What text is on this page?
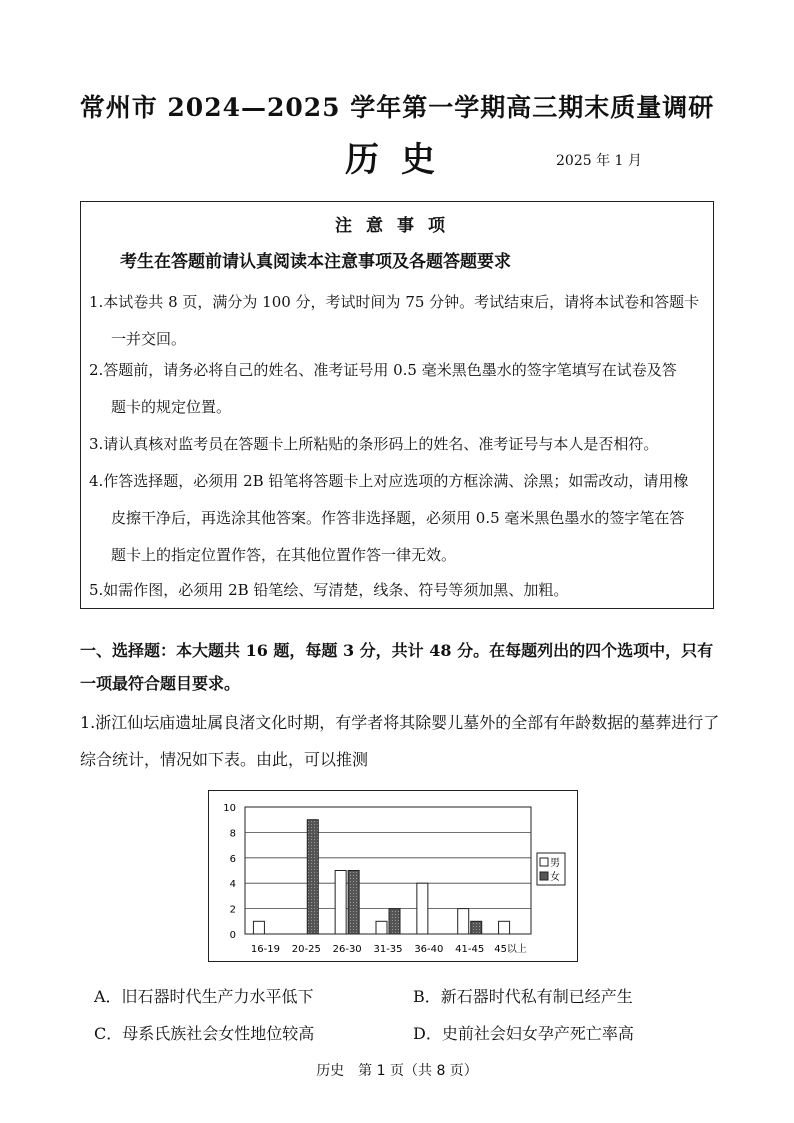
常州市 2024—2025 学年第一学期高三期末质量调研
历史	2025 年 1 月
注意事项
考生在答题前请认真阅读本注意事项及各题答题要求
1.本试卷共 8 页，满分为 100 分，考试时间为 75 分钟。考试结束后，请将本试卷和答题卡
一并交回。
2.答题前，请务必将自己的姓名、准考证号用 0.5 毫米黑色墨水的签字笔填写在试卷及答
题卡的规定位置。
3.请认真核对监考员在答题卡上所粘贴的条形码上的姓名、准考证号与本人是否相符。
4.作答选择题，必须用 2B 铅笔将答题卡上对应选项的方框涂满、涂黑；如需改动，请用橡
皮擦干净后，再选涂其他答案。作答非选择题，必须用 0.5 毫米黑色墨水的签字笔在答
题卡上的指定位置作答，在其他位置作答一律无效。
5.如需作图，必须用 2B 铅笔绘、写清楚，线条、符号等须加黑、加粗。
一、选择题：本大题共 16 题，每题 3 分，共计 48 分。在每题列出的四个选项中，只有一项最符合题目要求。
1.浙江仙坛庙遗址属良渚文化时期，有学者将其除婴儿墓外的全部有年龄数据的墓葬进行了综合统计，情况如下表。由此，可以推测
0
2
4
6
8
10
16-19 20-25 26-30 31-35 36-40 41-45 45以上
男
女
A．旧石器时代生产力水平低下	B．新石器时代私有制已经产生
C．母系氏族社会女性地位较高	D．史前社会妇女孕产死亡率高
历史　第 1 页（共 8 页）
